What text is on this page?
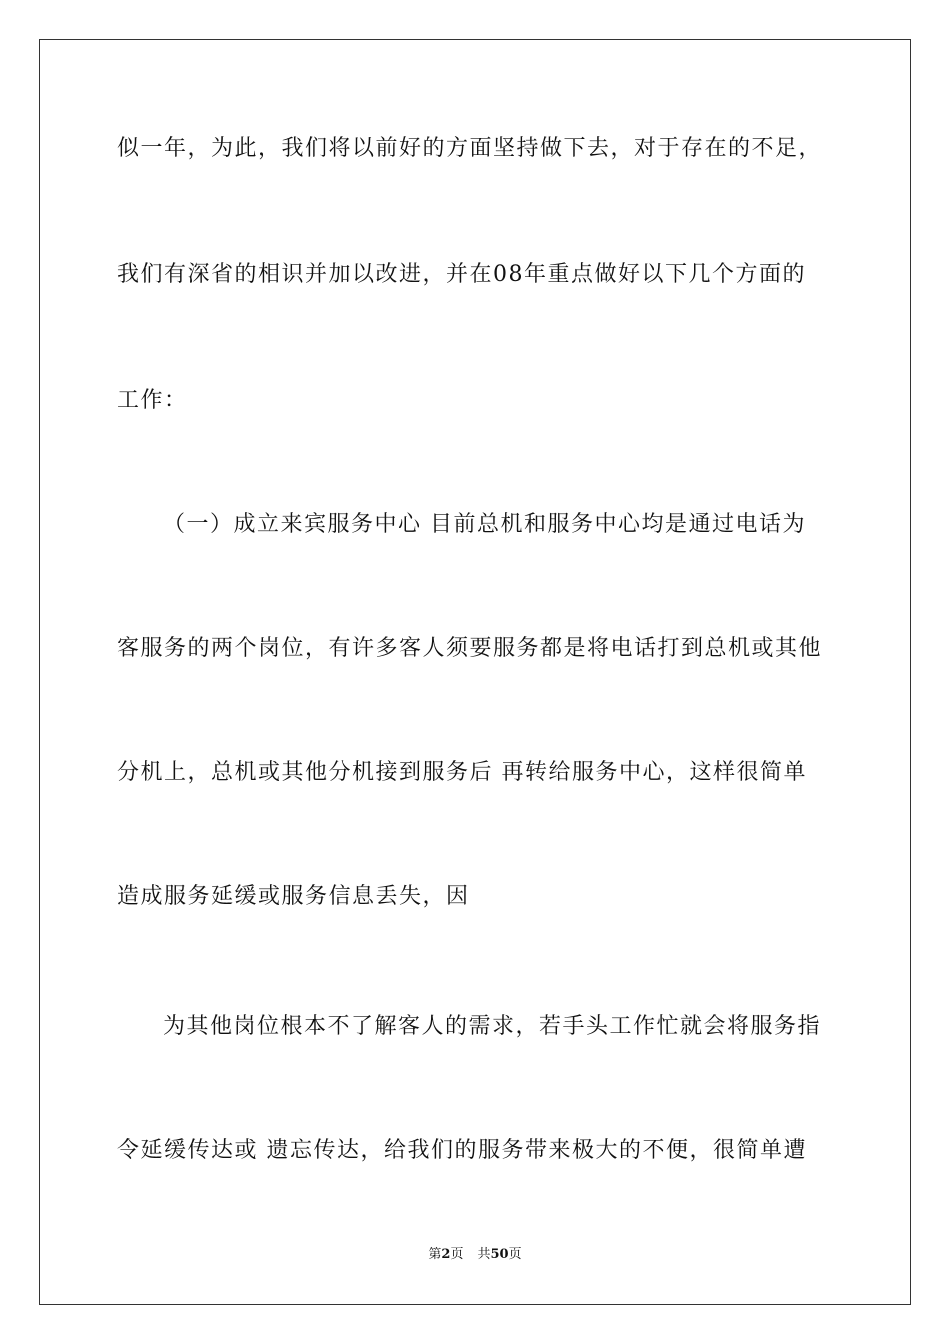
似一年，为此，我们将以前好的方面坚持做下去，对于存在的不足，
我们有深省的相识并加以改进，并在08年重点做好以下几个方面的
工作：
（一）成立来宾服务中心 目前总机和服务中心均是通过电话为
客服务的两个岗位，有许多客人须要服务都是将电话打到总机或其他
分机上，总机或其他分机接到服务后 再转给服务中心，这样很简单
造成服务延缓或服务信息丢失，因
为其他岗位根本不了解客人的需求，若手头工作忙就会将服务指
令延缓传达或 遗忘传达，给我们的服务带来极大的不便，很简单遭
第2页 共50页
